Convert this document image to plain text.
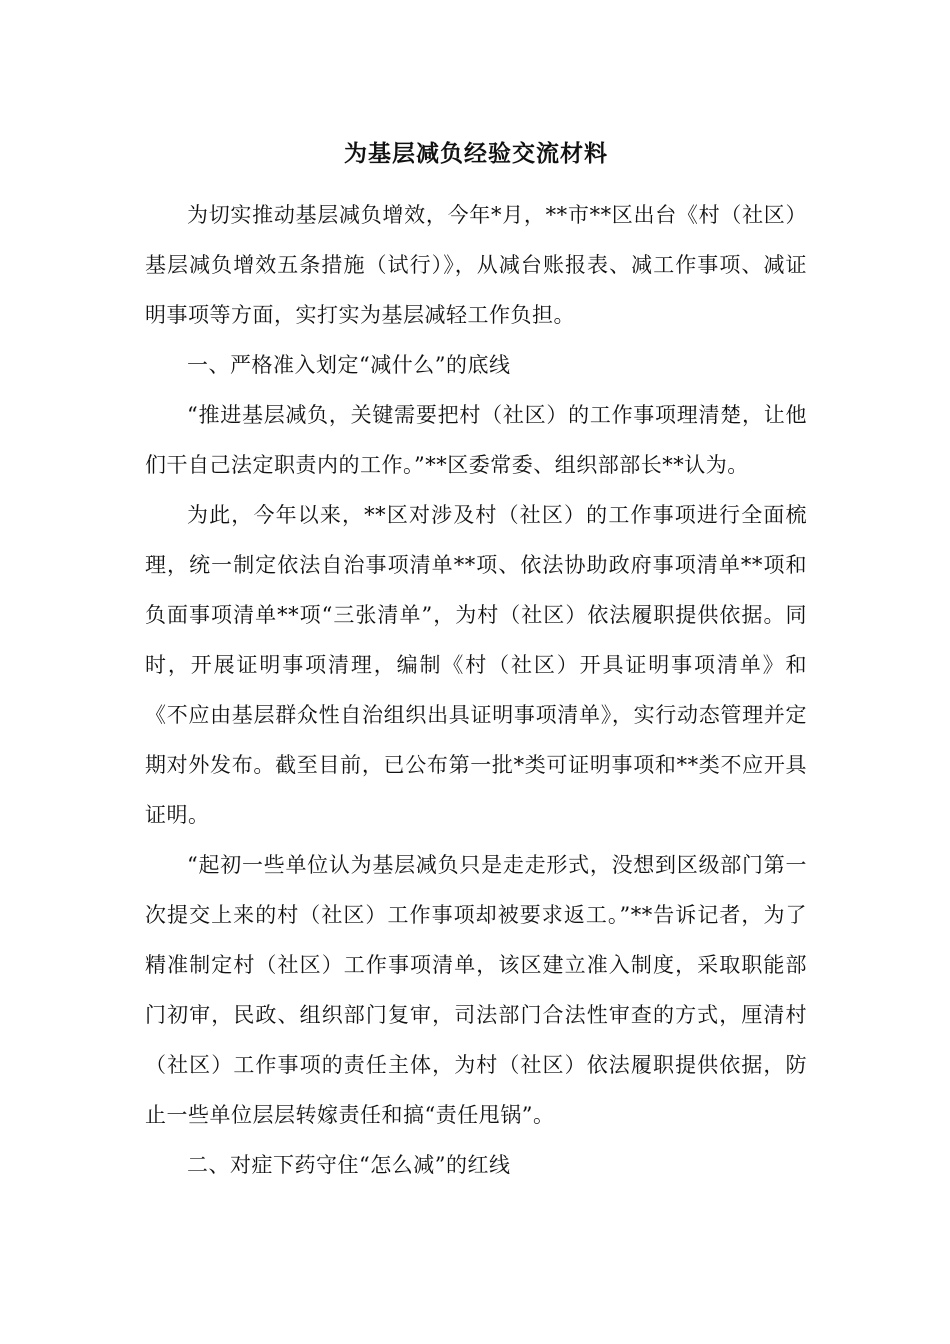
为基层减负经验交流材料

为切实推动基层减负增效，今年*月，**市**区出台《村（社区）基层减负增效五条措施（试行）》，从减台账报表、减工作事项、减证明事项等方面，实打实为基层减轻工作负担。

一、严格准入划定“减什么”的底线

“推进基层减负，关键需要把村（社区）的工作事项理清楚，让他们干自己法定职责内的工作。”**区委常委、组织部部长**认为。

为此，今年以来，**区对涉及村（社区）的工作事项进行全面梳理，统一制定依法自治事项清单**项、依法协助政府事项清单**项和负面事项清单**项“三张清单”，为村（社区）依法履职提供依据。同时，开展证明事项清理，编制《村（社区）开具证明事项清单》和《不应由基层群众性自治组织出具证明事项清单》，实行动态管理并定期对外发布。截至目前，已公布第一批*类可证明事项和**类不应开具证明。

“起初一些单位认为基层减负只是走走形式，没想到区级部门第一次提交上来的村（社区）工作事项却被要求返工。”**告诉记者，为了精准制定村（社区）工作事项清单，该区建立准入制度，采取职能部门初审，民政、组织部门复审，司法部门合法性审查的方式，厘清村（社区）工作事项的责任主体，为村（社区）依法履职提供依据，防止一些单位层层转嫁责任和搞“责任甩锅”。

二、对症下药守住“怎么减”的红线
